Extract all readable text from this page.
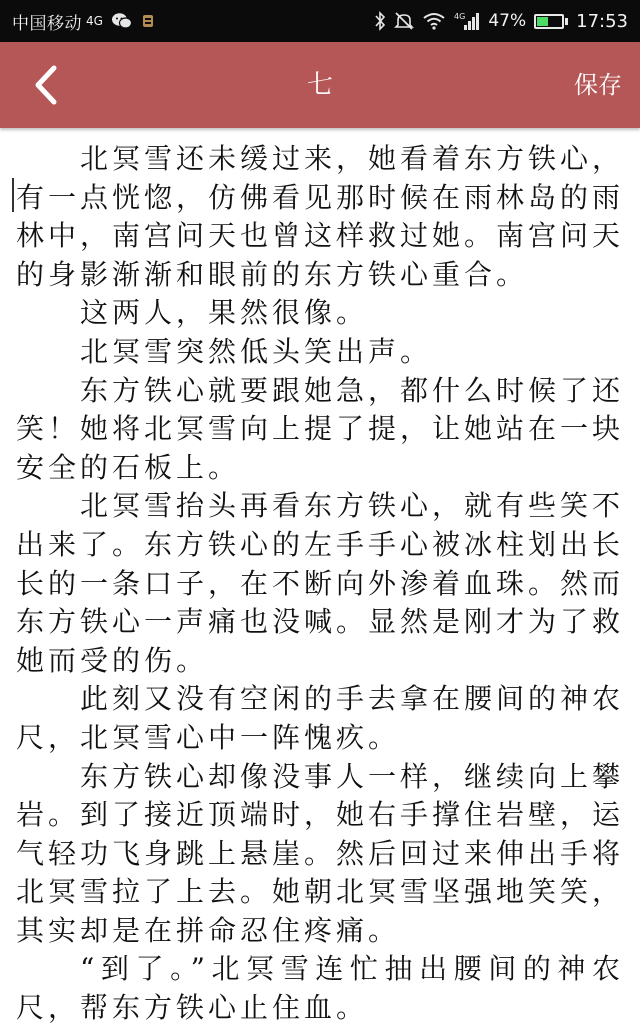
中国移动 4G	4G 47%	17:53
七	保存

北冥雪还未缓过来，她看着东方铁心，有一点恍惚，仿佛看见那时候在雨林岛的雨林中，南宫问天也曾这样救过她。南宫问天的身影渐渐和眼前的东方铁心重合。

这两人，果然很像。

北冥雪突然低头笑出声。

东方铁心就要跟她急，都什么时候了还笑！她将北冥雪向上提了提，让她站在一块安全的石板上。

北冥雪抬头再看东方铁心，就有些笑不出来了。东方铁心的左手手心被冰柱划出长长的一条口子，在不断向外渗着血珠。然而东方铁心一声痛也没喊。显然是刚才为了救她而受的伤。

此刻又没有空闲的手去拿在腰间的神农尺，北冥雪心中一阵愧疚。

东方铁心却像没事人一样，继续向上攀岩。到了接近顶端时，她右手撑住岩壁，运气轻功飞身跳上悬崖。然后回过来伸出手将北冥雪拉了上去。她朝北冥雪坚强地笑笑，其实却是在拼命忍住疼痛。

“到了。”北冥雪连忙抽出腰间的神农尺，帮东方铁心止住血。
